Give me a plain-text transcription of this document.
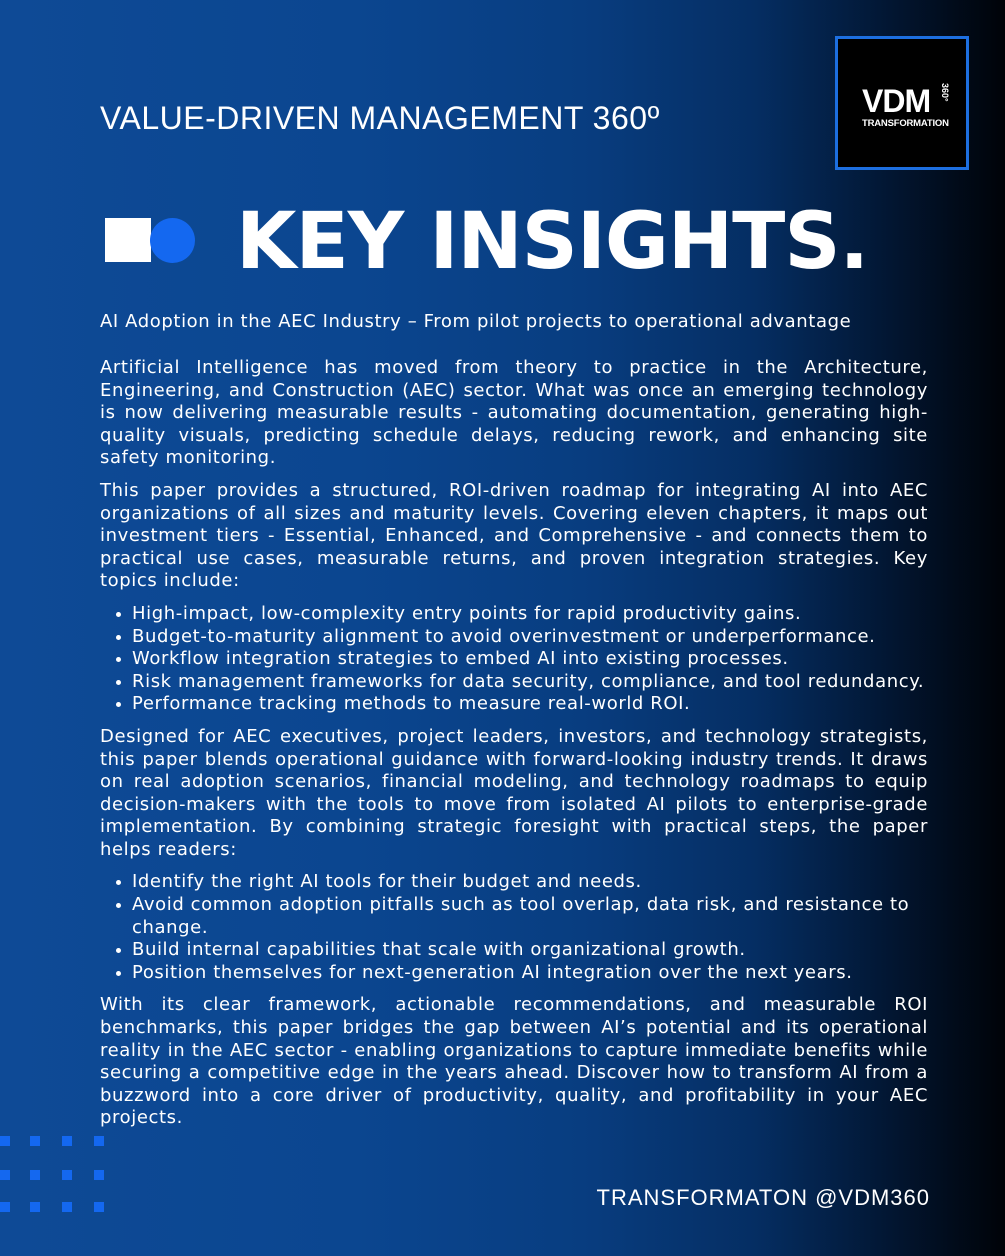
VALUE-DRIVEN MANAGEMENT 360º	VDM 360°
TRANSFORMATION
KEY INSIGHTS.
AI Adoption in the AEC Industry – From pilot projects to operational advantage

Artificial Intelligence has moved from theory to practice in the Architecture, Engineering, and Construction (AEC) sector. What was once an emerging technology is now delivering measurable results - automating documentation, generating high-quality visuals, predicting schedule delays, reducing rework, and enhancing site safety monitoring.

This paper provides a structured, ROI-driven roadmap for integrating AI into AEC organizations of all sizes and maturity levels. Covering eleven chapters, it maps out investment tiers - Essential, Enhanced, and Comprehensive - and connects them to practical use cases, measurable returns, and proven integration strategies. Key topics include:

High-impact, low-complexity entry points for rapid productivity gains.
Budget-to-maturity alignment to avoid overinvestment or underperformance.
Workflow integration strategies to embed AI into existing processes.
Risk management frameworks for data security, compliance, and tool redundancy.
Performance tracking methods to measure real-world ROI.

Designed for AEC executives, project leaders, investors, and technology strategists, this paper blends operational guidance with forward-looking industry trends. It draws on real adoption scenarios, financial modeling, and technology roadmaps to equip decision-makers with the tools to move from isolated AI pilots to enterprise-grade implementation. By combining strategic foresight with practical steps, the paper helps readers:

Identify the right AI tools for their budget and needs.
Avoid common adoption pitfalls such as tool overlap, data risk, and resistance to change.
Build internal capabilities that scale with organizational growth.
Position themselves for next-generation AI integration over the next years.

With its clear framework, actionable recommendations, and measurable ROI benchmarks, this paper bridges the gap between AI’s potential and its operational reality in the AEC sector - enabling organizations to capture immediate benefits while securing a competitive edge in the years ahead. Discover how to transform AI from a buzzword into a core driver of productivity, quality, and profitability in your AEC projects.

TRANSFORMATON @VDM360
